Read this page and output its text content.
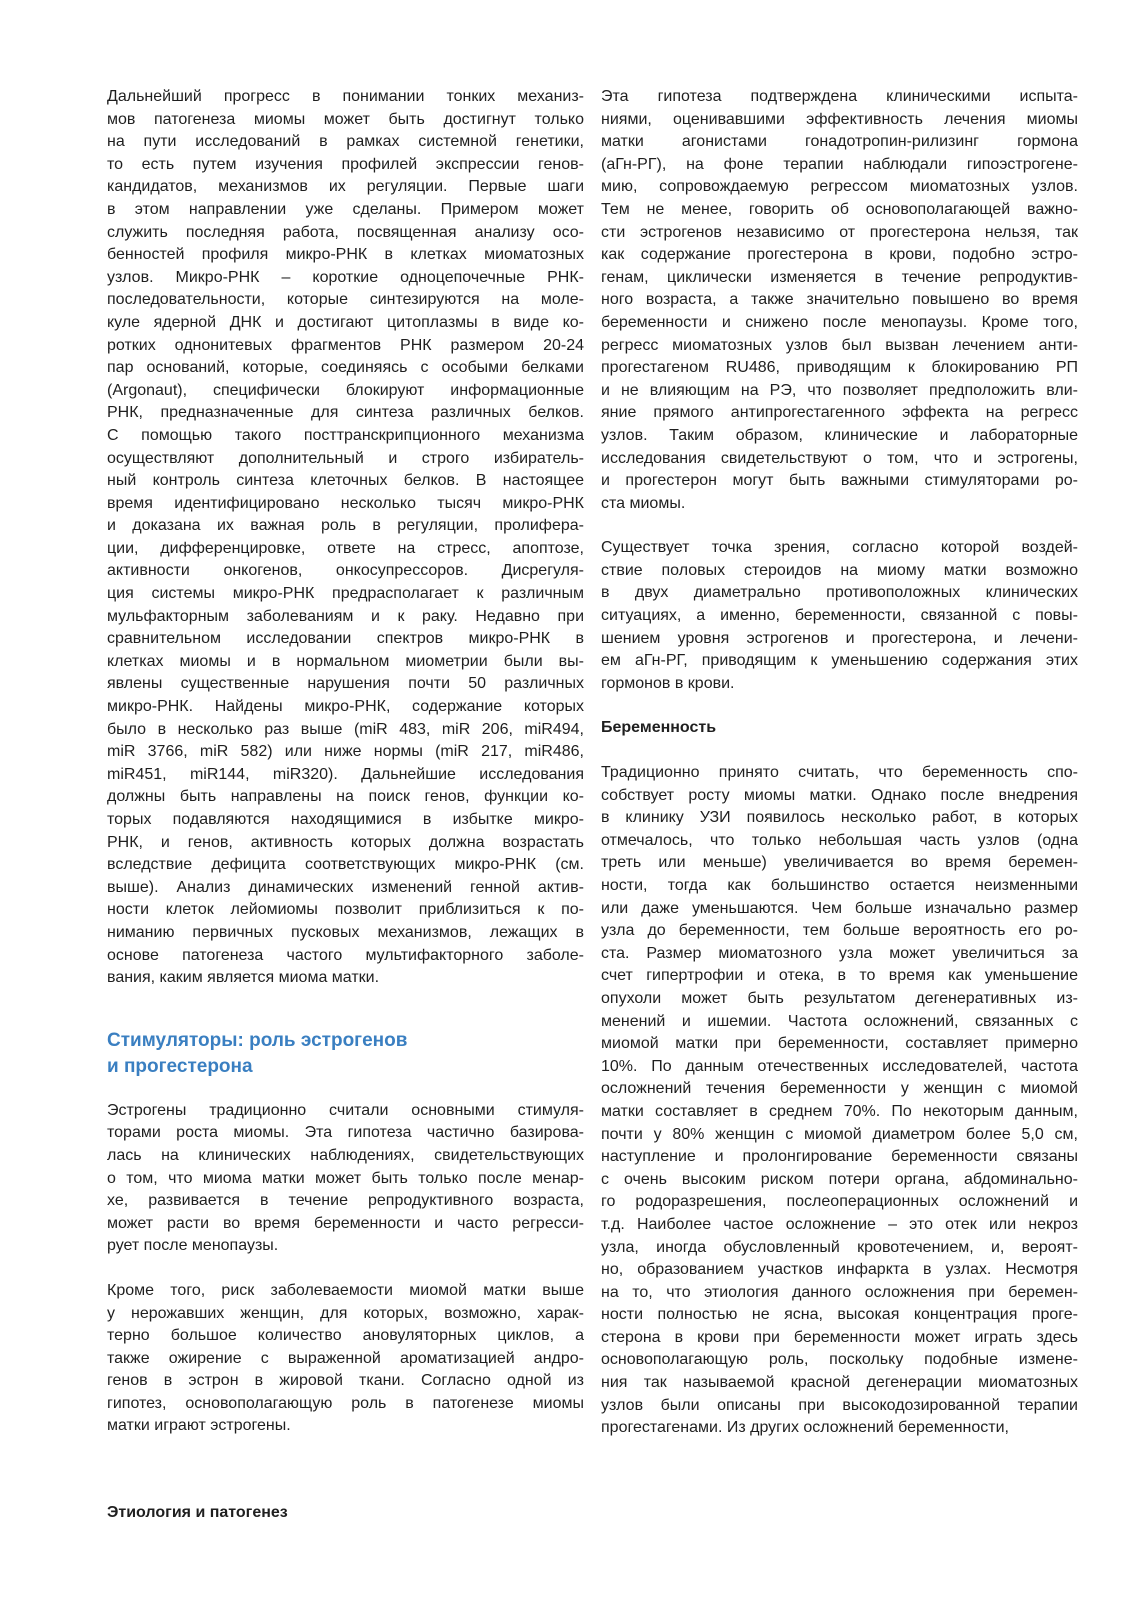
Дальнейший прогресс в понимании тонких механиз-
мов патогенеза миомы может быть достигнут только
на пути исследований в рамках системной генетики,
то есть путем изучения профилей экспрессии генов-
кандидатов, механизмов их регуляции. Первые шаги
в этом направлении уже сделаны. Примером может
служить последняя работа, посвященная анализу осо-
бенностей профиля микро-РНК в клетках миоматозных
узлов. Микро-РНК – короткие одноцепочечные РНК-
последовательности, которые синтезируются на моле-
куле ядерной ДНК и достигают цитоплазмы в виде ко-
ротких однонитевых фрагментов РНК размером 20-24
пар оснований, которые, соединяясь с особыми белками
(Argonaut), специфически блокируют информационные
РНК, предназначенные для синтеза различных белков.
С помощью такого посттранскрипционного механизма
осуществляют дополнительный и строго избиратель-
ный контроль синтеза клеточных белков. В настоящее
время идентифицировано несколько тысяч микро-РНК
и доказана их важная роль в регуляции, пролифера-
ции, дифференцировке, ответе на стресс, апоптозе,
активности онкогенов, онкосупрессоров. Дисрегуля-
ция системы микро-РНК предрасполагает к различным
мульфакторным заболеваниям и к раку. Недавно при
сравнительном исследовании спектров микро-РНК в
клетках миомы и в нормальном миометрии были вы-
явлены существенные нарушения почти 50 различных
микро-РНК. Найдены микро-РНК, содержание которых
было в несколько раз выше (miR 483, miR 206, miR494,
miR 3766, miR 582) или ниже нормы (miR 217, miR486,
miR451, miR144, miR320). Дальнейшие исследования
должны быть направлены на поиск генов, функции ко-
торых подавляются находящимися в избытке микро-
РНК, и генов, активность которых должна возрастать
вследствие дефицита соответствующих микро-РНК (см.
выше). Анализ динамических изменений генной актив-
ности клеток лейомиомы позволит приблизиться к по-
ниманию первичных пусковых механизмов, лежащих в
основе патогенеза частого мультифакторного заболе-
вания, каким является миома матки.
Стимуляторы: роль эстрогенов
и прогестерона
Эстрогены традиционно считали основными стимуля-
торами роста миомы. Эта гипотеза частично базирова-
лась на клинических наблюдениях, свидетельствующих
о том, что миома матки может быть только после менар-
хе, развивается в течение репродуктивного возраста,
может расти во время беременности и часто регресси-
рует после менопаузы.
Кроме того, риск заболеваемости миомой матки выше
у нерожавших женщин, для которых, возможно, харак-
терно большое количество ановуляторных циклов, а
также ожирение с выраженной ароматизацией андро-
генов в эстрон в жировой ткани. Согласно одной из
гипотез, основополагающую роль в патогенезе миомы
матки играют эстрогены.
Эта гипотеза подтверждена клиническими испыта-
ниями, оценивавшими эффективность лечения миомы
матки агонистами гонадотропин-рилизинг гормона
(аГн-РГ), на фоне терапии наблюдали гипоэстрогене-
мию, сопровождаемую регрессом миоматозных узлов.
Тем не менее, говорить об основополагающей важно-
сти эстрогенов независимо от прогестерона нельзя, так
как содержание прогестерона в крови, подобно эстро-
генам, циклически изменяется в течение репродуктив-
ного возраста, а также значительно повышено во время
беременности и снижено после менопаузы. Кроме того,
регресс миоматозных узлов был вызван лечением анти-
прогестагеном RU486, приводящим к блокированию РП
и не влияющим на РЭ, что позволяет предположить вли-
яние прямого антипрогестагенного эффекта на регресс
узлов. Таким образом, клинические и лабораторные
исследования свидетельствуют о том, что и эстрогены,
и прогестерон могут быть важными стимуляторами ро-
ста миомы.
Существует точка зрения, согласно которой воздей-
ствие половых стероидов на миому матки возможно
в двух диаметрально противоположных клинических
ситуациях, а именно, беременности, связанной с повы-
шением уровня эстрогенов и прогестерона, и лечени-
ем аГн-РГ, приводящим к уменьшению содержания этих
гормонов в крови.
Беременность
Традиционно принято считать, что беременность спо-
собствует росту миомы матки. Однако после внедрения
в клинику УЗИ появилось несколько работ, в которых
отмечалось, что только небольшая часть узлов (одна
треть или меньше) увеличивается во время беремен-
ности, тогда как большинство остается неизменными
или даже уменьшаются. Чем больше изначально размер
узла до беременности, тем больше вероятность его ро-
ста. Размер миоматозного узла может увеличиться за
счет гипертрофии и отека, в то время как уменьшение
опухоли может быть результатом дегенеративных из-
менений и ишемии. Частота осложнений, связанных с
миомой матки при беременности, составляет примерно
10%. По данным отечественных исследователей, частота
осложнений течения беременности у женщин с миомой
матки составляет в среднем 70%. По некоторым данным,
почти у 80% женщин с миомой диаметром более 5,0 см,
наступление и пролонгирование беременности связаны
с очень высоким риском потери органа, абдоминально-
го родоразрешения, послеоперационных осложнений и
т.д. Наиболее частое осложнение – это отек или некроз
узла, иногда обусловленный кровотечением, и, вероят-
но, образованием участков инфаркта в узлах. Несмотря
на то, что этиология данного осложнения при беремен-
ности полностью не ясна, высокая концентрация проге-
стерона в крови при беременности может играть здесь
основополагающую роль, поскольку подобные измене-
ния так называемой красной дегенерации миоматозных
узлов были описаны при высокодозированной терапии
прогестагенами. Из других осложнений беременности,
Этиология и патогенез
